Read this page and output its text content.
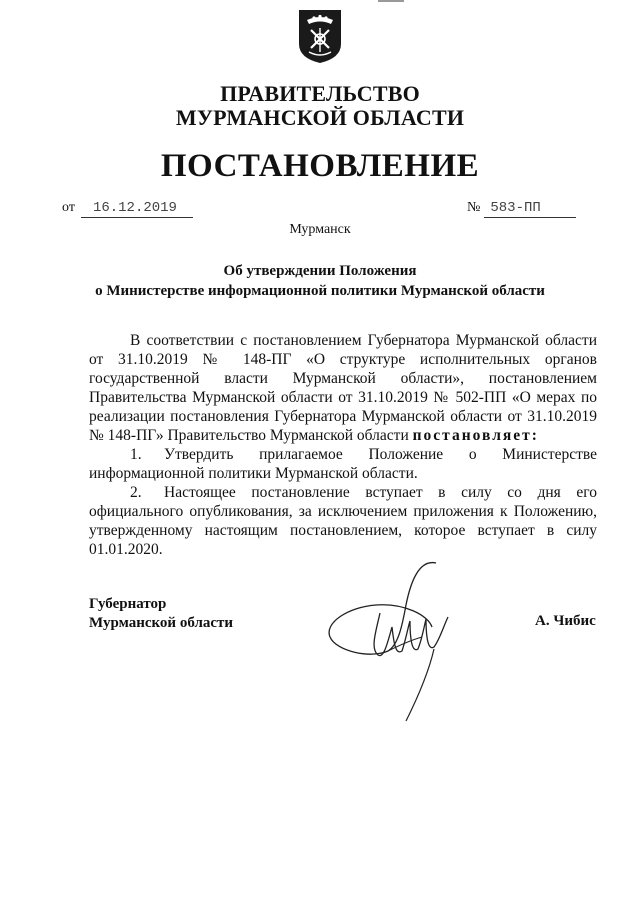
ПРАВИТЕЛЬСТВО
МУРМАНСКОЙ ОБЛАСТИ
ПОСТАНОВЛЕНИЕ
от 16.12.2019	№ 583-ПП
Мурманск
Об утверждении Положения
о Министерстве информационной политики Мурманской области

В соответствии с постановлением Губернатора Мурманской области от 31.10.2019 № 148-ПГ «О структуре исполнительных органов государственной власти Мурманской области», постановлением Правительства Мурманской области от 31.10.2019 № 502-ПП «О мерах по реализации постановления Губернатора Мурманской области от 31.10.2019 № 148-ПГ» Правительство Мурманской области постановляет:

1. Утвердить прилагаемое Положение о Министерстве информационной политики Мурманской области.

2. Настоящее постановление вступает в силу со дня его официального опубликования, за исключением приложения к Положению, утвержденному настоящим постановлением, которое вступает в силу 01.01.2020.

Губернатор
Мурманской области	А. Чибис
